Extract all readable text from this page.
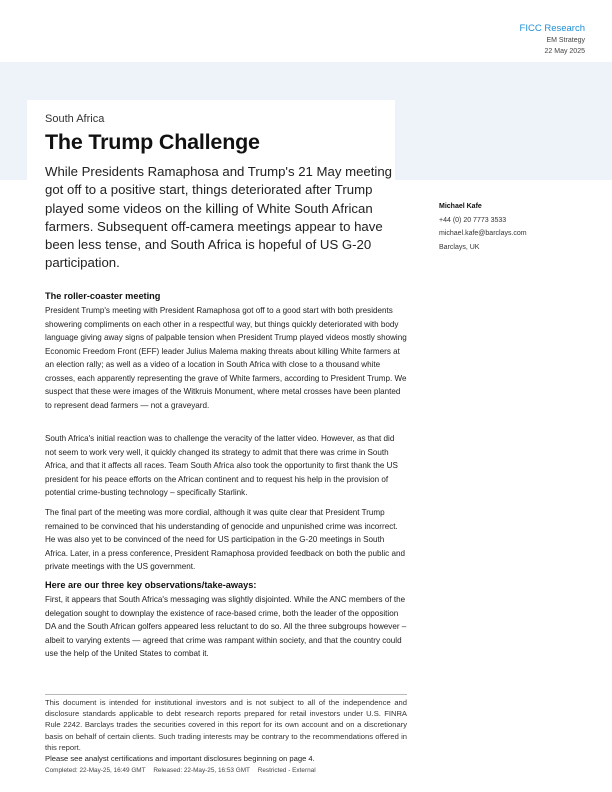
FICC Research
EM Strategy
22 May 2025
South Africa
The Trump Challenge

While Presidents Ramaphosa and Trump's 21 May meeting got off to a positive start, things deteriorated after Trump played some videos on the killing of White South African farmers. Subsequent off-camera meetings appear to have been less tense, and South Africa is hopeful of US G-20 participation.

Michael Kafe
+44 (0) 20 7773 3533
michael.kafe@barclays.com
Barclays, UK
The roller-coaster meeting

President Trump's meeting with President Ramaphosa got off to a good start with both presidents showering compliments on each other in a respectful way, but things quickly deteriorated with body language giving away signs of palpable tension when President Trump played videos mostly showing Economic Freedom Front (EFF) leader Julius Malema making threats about killing White farmers at an election rally; as well as a video of a location in South Africa with close to a thousand white crosses, each apparently representing the grave of White farmers, according to President Trump. We suspect that these were images of the Witkruis Monument, where metal crosses have been planted to represent dead farmers — not a graveyard.

South Africa's initial reaction was to challenge the veracity of the latter video. However, as that did not seem to work very well, it quickly changed its strategy to admit that there was crime in South Africa, and that it affects all races. Team South Africa also took the opportunity to first thank the US president for his peace efforts on the African continent and to request his help in the provision of potential crime-busting technology – specifically Starlink.

The final part of the meeting was more cordial, although it was quite clear that President Trump remained to be convinced that his understanding of genocide and unpunished crime was incorrect. He was also yet to be convinced of the need for US participation in the G-20 meetings in South Africa. Later, in a press conference, President Ramaphosa provided feedback on both the public and private meetings with the US government.

Here are our three key observations/take-aways:

First, it appears that South Africa's messaging was slightly disjointed. While the ANC members of the delegation sought to downplay the existence of race-based crime, both the leader of the opposition DA and the South African golfers appeared less reluctant to do so. All the three subgroups however – albeit to varying extents — agreed that crime was rampant within society, and that the country could use the help of the United States to combat it.

This document is intended for institutional investors and is not subject to all of the independence and disclosure standards applicable to debt research reports prepared for retail investors under U.S. FINRA Rule 2242. Barclays trades the securities covered in this report for its own account and on a discretionary basis on behalf of certain clients. Such trading interests may be contrary to the recommendations offered in this report.

Please see analyst certifications and important disclosures beginning on page 4.
Completed: 22-May-25, 16:49 GMT Released: 22-May-25, 16:53 GMT Restricted - External
